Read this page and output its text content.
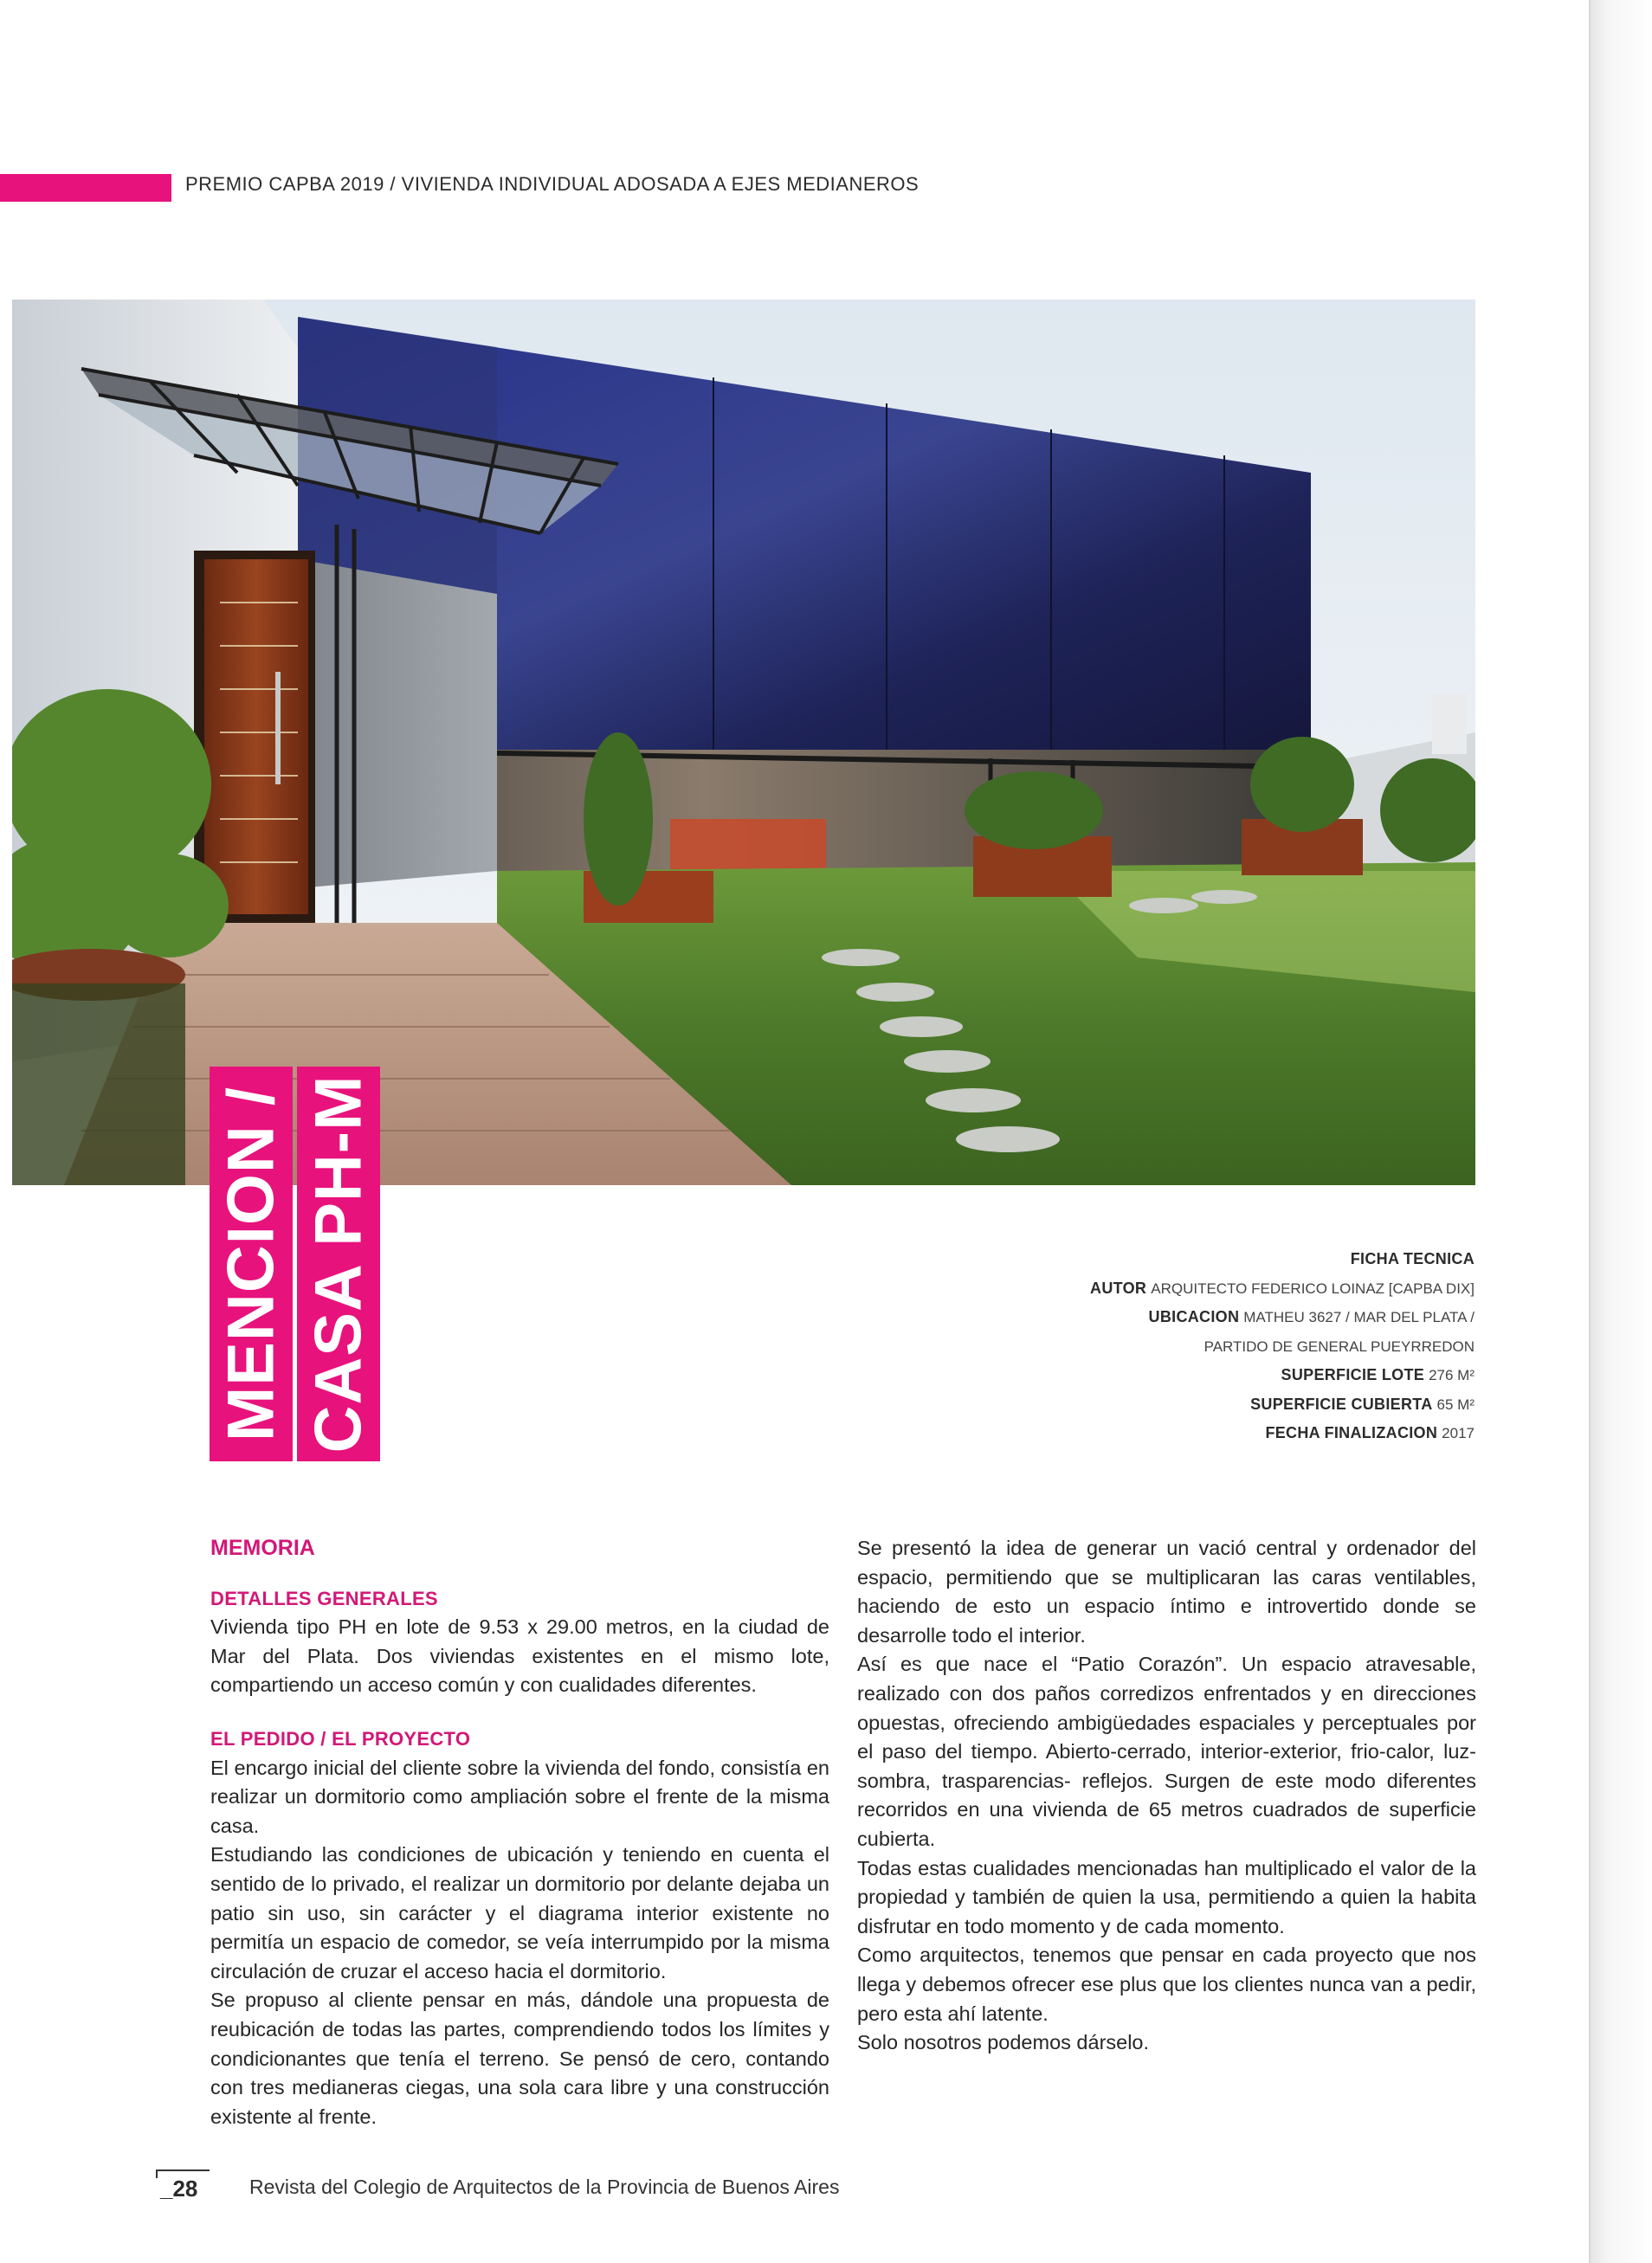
PREMIO CAPBA 2019 / VIVIENDA INDIVIDUAL ADOSADA A EJES MEDIANEROS
MENCION / CASA PH-M	FICHA TECNICA
AUTOR ARQUITECTO FEDERICO LOINAZ [CAPBA DIX]
UBICACION MATHEU 3627 / MAR DEL PLATA /
PARTIDO DE GENERAL PUEYRREDON
SUPERFICIE LOTE 276 M²
SUPERFICIE CUBIERTA 65 M²
FECHA FINALIZACION 2017

MEMORIA

DETALLES GENERALES

Vivienda tipo PH en lote de 9.53 x 29.00 metros, en la ciudad de Mar del Plata. Dos viviendas existentes en el mismo lote, compartiendo un acceso común y con cualidades diferentes.

EL PEDIDO / EL PROYECTO

El encargo inicial del cliente sobre la vivienda del fondo, consistía en realizar un dormitorio como ampliación sobre el frente de la misma casa.

Estudiando las condiciones de ubicación y teniendo en cuenta el sentido de lo privado, el realizar un dormitorio por delante dejaba un patio sin uso, sin carácter y el diagrama interior existente no permitía un espacio de comedor, se veía interrumpido por la misma circulación de cruzar el acceso hacia el dormitorio.

Se propuso al cliente pensar en más, dándole una propuesta de reubicación de todas las partes, comprendiendo todos los límites y condicionantes que tenía el terreno. Se pensó de cero, contando con tres medianeras ciegas, una sola cara libre y una construcción existente al frente.

Se presentó la idea de generar un vació central y ordenador del espacio, permitiendo que se multiplicaran las caras ventilables, haciendo de esto un espacio íntimo e introvertido donde se desarrolle todo el interior.

Así es que nace el “Patio Corazón”. Un espacio atravesable, realizado con dos paños corredizos enfrentados y en direcciones opuestas, ofreciendo ambigüedades espaciales y perceptuales por el paso del tiempo. Abierto-cerrado, interior-exterior, frio-calor, luz-sombra, trasparencias- reflejos. Surgen de este modo diferentes recorridos en una vivienda de 65 metros cuadrados de superficie cubierta.

Todas estas cualidades mencionadas han multiplicado el valor de la propiedad y también de quien la usa, permitiendo a quien la habita disfrutar en todo momento y de cada momento.

Como arquitectos, tenemos que pensar en cada proyecto que nos llega y debemos ofrecer ese plus que los clientes nunca van a pedir, pero esta ahí latente.

Solo nosotros podemos dárselo.

_28	Revista del Colegio de Arquitectos de la Provincia de Buenos Aires
